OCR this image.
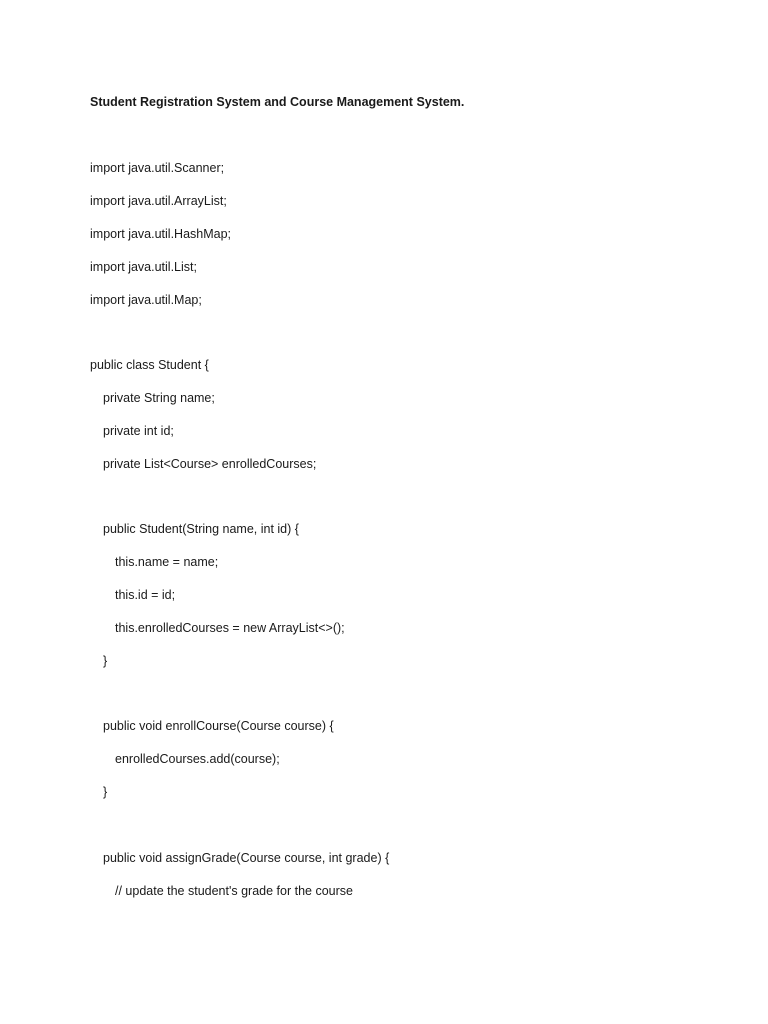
Student Registration System and Course Management System.
import java.util.Scanner;
import java.util.ArrayList;
import java.util.HashMap;
import java.util.List;
import java.util.Map;
public class Student {
private String name;
private int id;
private List<Course> enrolledCourses;
public Student(String name, int id) {
this.name = name;
this.id = id;
this.enrolledCourses = new ArrayList<>();
}
public void enrollCourse(Course course) {
enrolledCourses.add(course);
}
public void assignGrade(Course course, int grade) {
// update the student's grade for the course
